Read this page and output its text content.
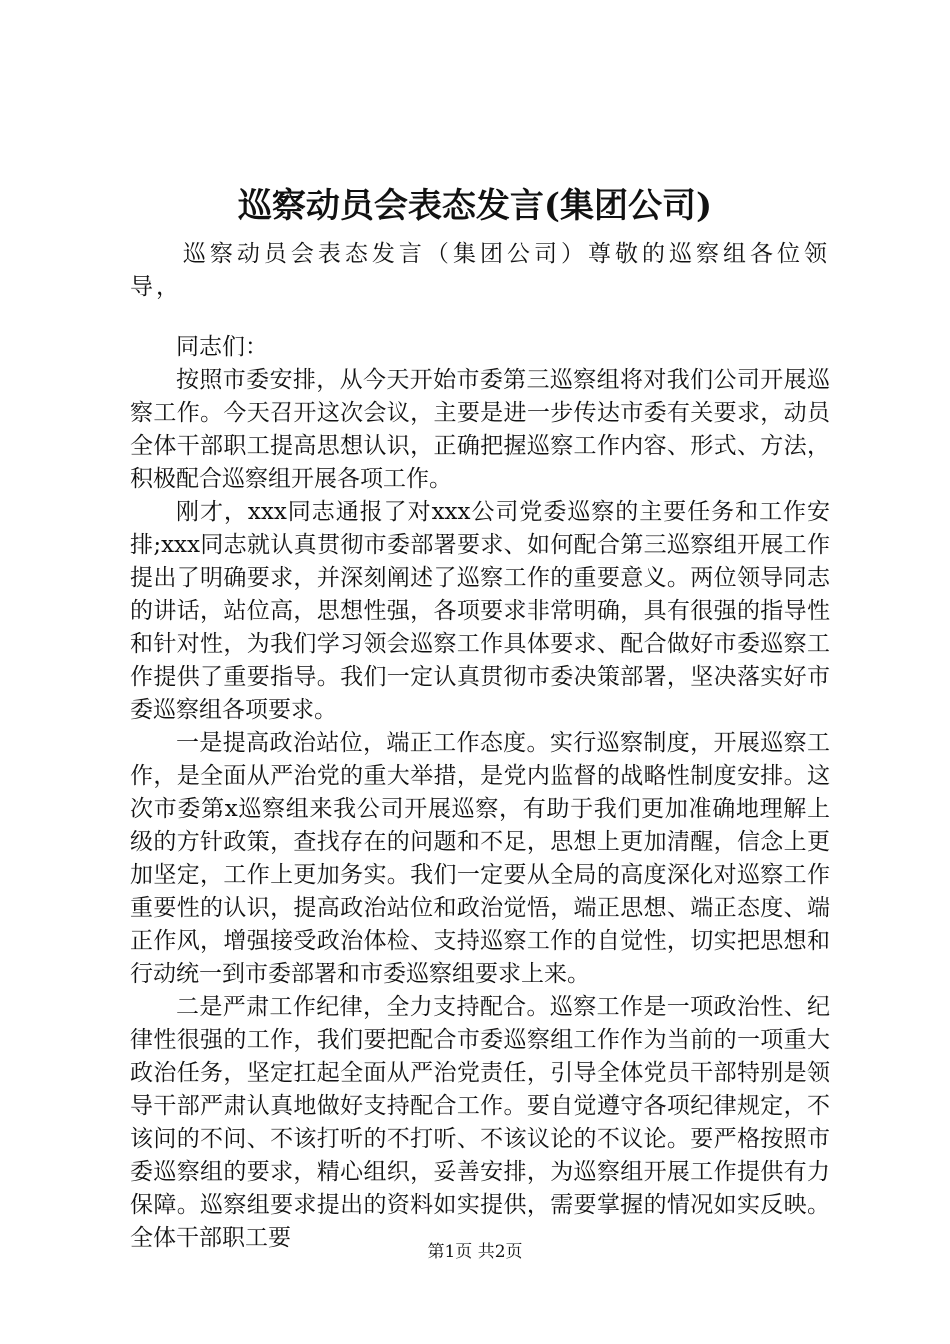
巡察动员会表态发言(集团公司)

巡察动员会表态发言（集团公司）尊敬的巡察组各位领导，

同志们：

按照市委安排，从今天开始市委第三巡察组将对我们公司开展巡察工作。今天召开这次会议，主要是进一步传达市委有关要求，动员全体干部职工提高思想认识，正确把握巡察工作内容、形式、方法，积极配合巡察组开展各项工作。

刚才，xxx同志通报了对xxx公司党委巡察的主要任务和工作安排;xxx同志就认真贯彻市委部署要求、如何配合第三巡察组开展工作提出了明确要求，并深刻阐述了巡察工作的重要意义。两位领导同志的讲话，站位高，思想性强，各项要求非常明确，具有很强的指导性和针对性，为我们学习领会巡察工作具体要求、配合做好市委巡察工作提供了重要指导。我们一定认真贯彻市委决策部署，坚决落实好市委巡察组各项要求。

一是提高政治站位，端正工作态度。实行巡察制度，开展巡察工作，是全面从严治党的重大举措，是党内监督的战略性制度安排。这次市委第x巡察组来我公司开展巡察，有助于我们更加准确地理解上级的方针政策，查找存在的问题和不足，思想上更加清醒，信念上更加坚定，工作上更加务实。我们一定要从全局的高度深化对巡察工作重要性的认识，提高政治站位和政治觉悟，端正思想、端正态度、端正作风，增强接受政治体检、支持巡察工作的自觉性，切实把思想和行动统一到市委部署和市委巡察组要求上来。

二是严肃工作纪律，全力支持配合。巡察工作是一项政治性、纪律性很强的工作，我们要把配合市委巡察组工作作为当前的一项重大政治任务，坚定扛起全面从严治党责任，引导全体党员干部特别是领导干部严肃认真地做好支持配合工作。要自觉遵守各项纪律规定，不该问的不问、不该打听的不打听、不该议论的不议论。要严格按照市委巡察组的要求，精心组织，妥善安排，为巡察组开展工作提供有力保障。巡察组要求提出的资料如实提供，需要掌握的情况如实反映。全体干部职工要

第1页 共2页
